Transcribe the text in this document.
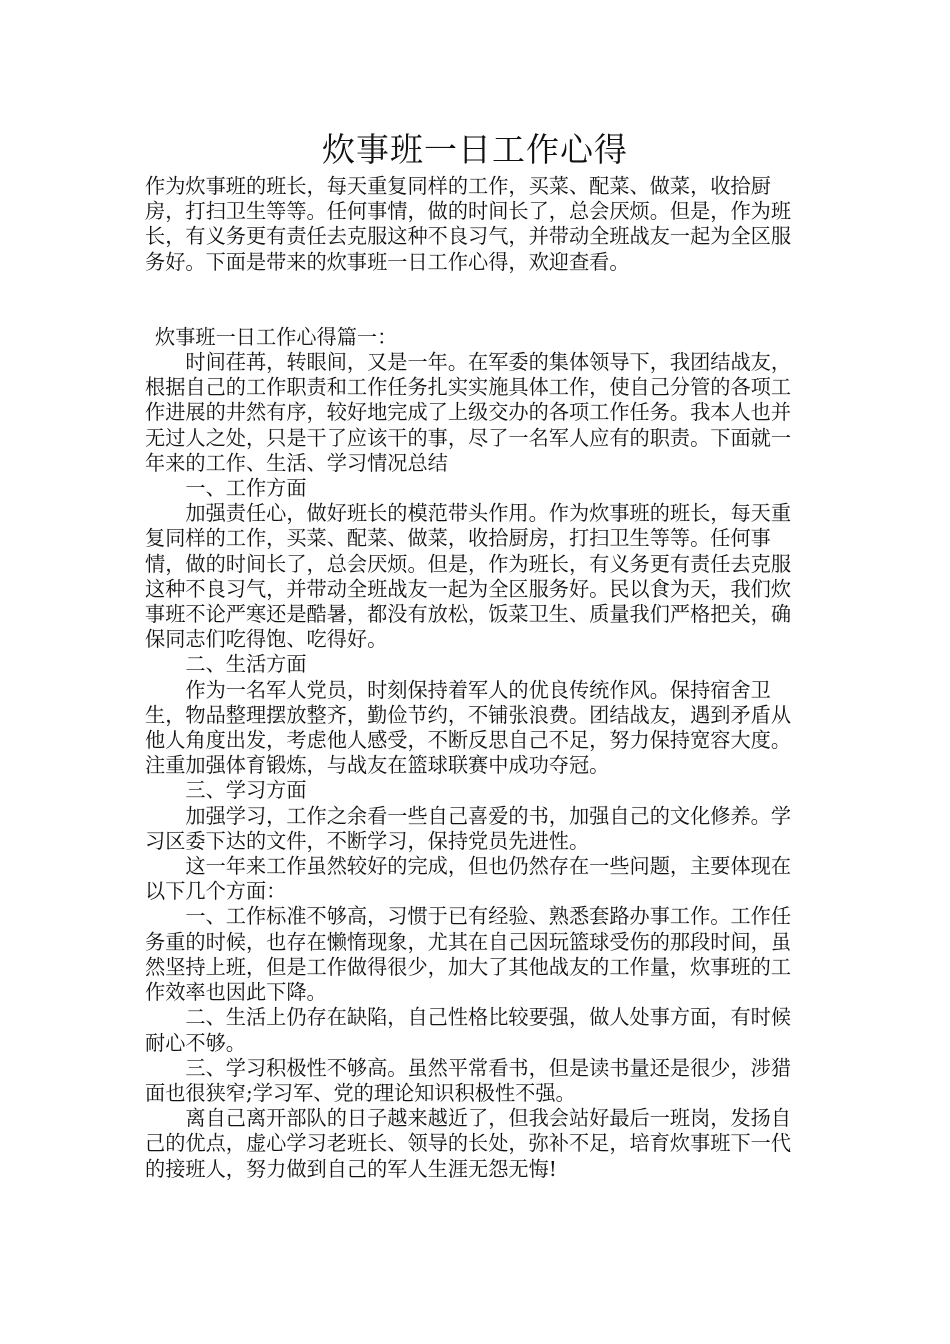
炊事班一日工作心得

作为炊事班的班长，每天重复同样的工作，买菜、配菜、做菜，收拾厨房，打扫卫生等等。任何事情，做的时间长了，总会厌烦。但是，作为班长，有义务更有责任去克服这种不良习气，并带动全班战友一起为全区服务好。下面是带来的炊事班一日工作心得，欢迎查看。

炊事班一日工作心得篇一：

时间荏苒，转眼间，又是一年。在军委的集体领导下，我团结战友，根据自己的工作职责和工作任务扎实实施具体工作，使自己分管的各项工作进展的井然有序，较好地完成了上级交办的各项工作任务。我本人也并无过人之处，只是干了应该干的事，尽了一名军人应有的职责。下面就一年来的工作、生活、学习情况总结

一、工作方面

加强责任心，做好班长的模范带头作用。作为炊事班的班长，每天重复同样的工作，买菜、配菜、做菜，收拾厨房，打扫卫生等等。任何事情，做的时间长了，总会厌烦。但是，作为班长，有义务更有责任去克服这种不良习气，并带动全班战友一起为全区服务好。民以食为天，我们炊事班不论严寒还是酷暑，都没有放松，饭菜卫生、质量我们严格把关，确保同志们吃得饱、吃得好。

二、生活方面

作为一名军人党员，时刻保持着军人的优良传统作风。保持宿舍卫生，物品整理摆放整齐，勤俭节约，不铺张浪费。团结战友，遇到矛盾从他人角度出发，考虑他人感受，不断反思自己不足，努力保持宽容大度。注重加强体育锻炼，与战友在篮球联赛中成功夺冠。

三、学习方面

加强学习，工作之余看一些自己喜爱的书，加强自己的文化修养。学习区委下达的文件，不断学习，保持党员先进性。

这一年来工作虽然较好的完成，但也仍然存在一些问题，主要体现在以下几个方面：

一、工作标准不够高，习惯于已有经验、熟悉套路办事工作。工作任务重的时候，也存在懒惰现象，尤其在自己因玩篮球受伤的那段时间，虽然坚持上班，但是工作做得很少，加大了其他战友的工作量，炊事班的工作效率也因此下降。

二、生活上仍存在缺陷，自己性格比较要强，做人处事方面，有时候耐心不够。

三、学习积极性不够高。虽然平常看书，但是读书量还是很少，涉猎面也很狭窄;学习军、党的理论知识积极性不强。

离自己离开部队的日子越来越近了，但我会站好最后一班岗，发扬自己的优点，虚心学习老班长、领导的长处，弥补不足，培育炊事班下一代的接班人，努力做到自己的军人生涯无怨无悔!
